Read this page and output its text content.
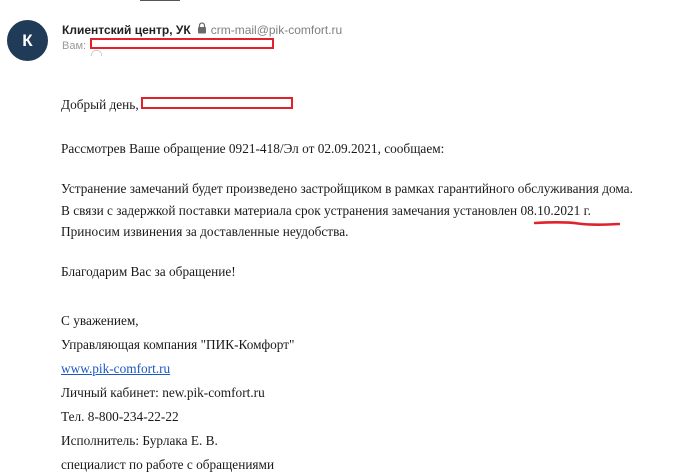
К
Клиентский центр, УК crm-mail@pik-comfort.ru
Вам:
Добрый день,
Рассмотрев Ваше обращение 0921-418/Эл от 02.09.2021, сообщаем:
Устранение замечаний будет произведено застройщиком в рамках гарантийного обслуживания дома.
В связи с задержкой поставки материала срок устранения замечания установлен 08.10.2021 г.
Приносим извинения за доставленные неудобства.
Благодарим Вас за обращение!
С уважением,
Управляющая компания "ПИК-Комфорт"
www.pik-comfort.ru
Личный кабинет: new.pik-comfort.ru
Тел. 8-800-234-22-22
Исполнитель: Бурлака Е. В.
специалист по работе с обращениями
